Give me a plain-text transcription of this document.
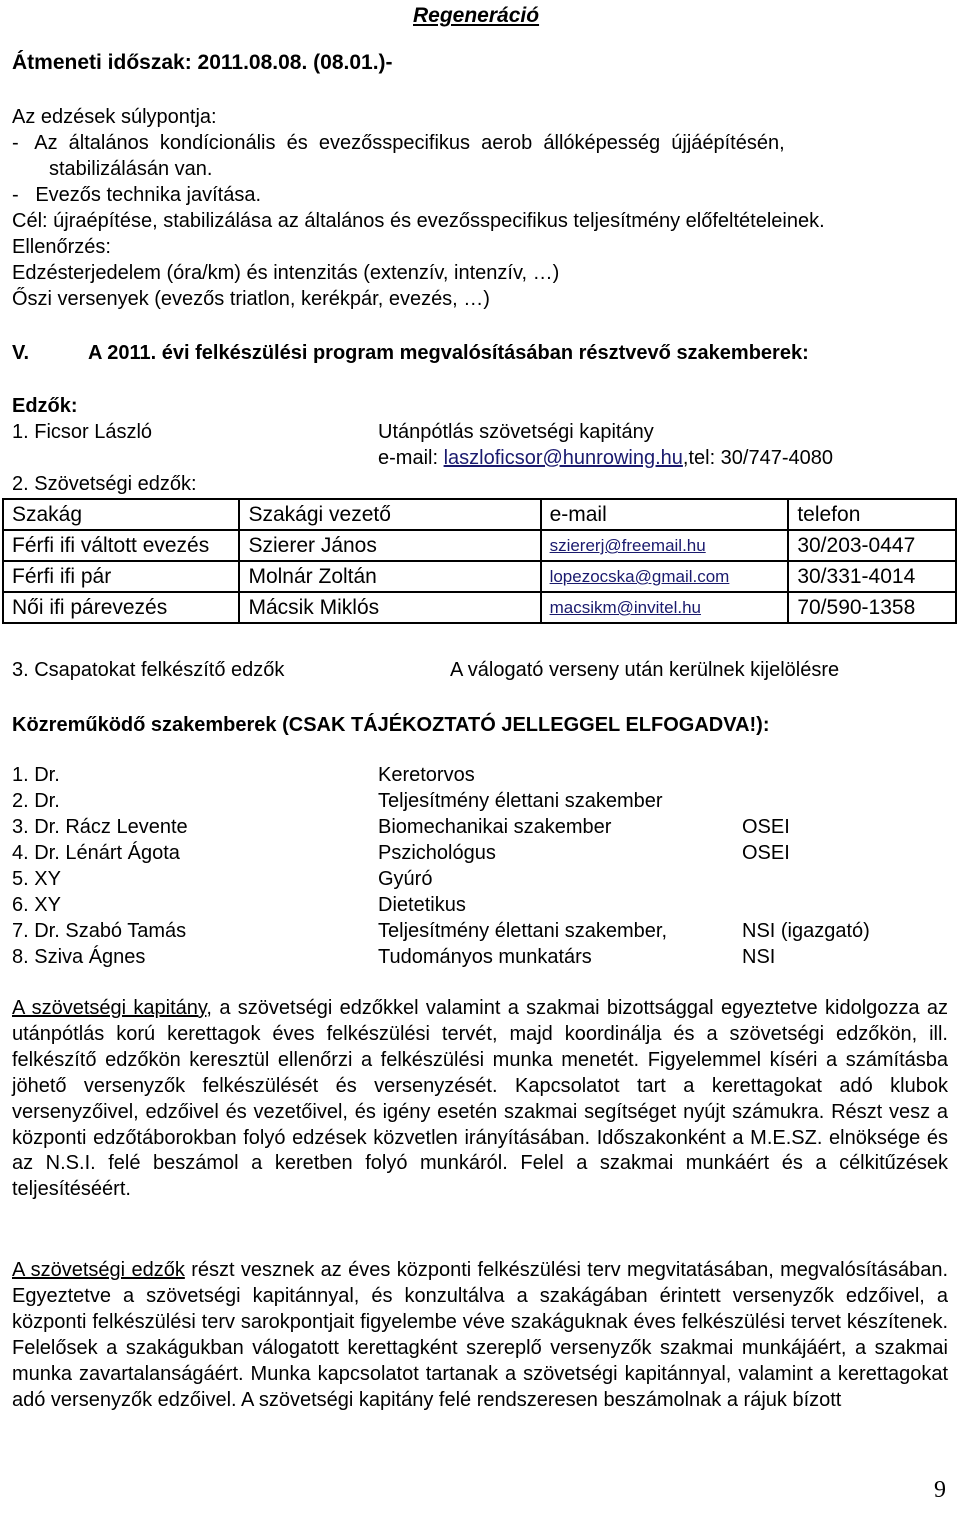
Regeneráció
Átmeneti időszak: 2011.08.08. (08.01.)-
Az edzések súlypontja:
-   Az  általános  kondícionális  és  evezősspecifikus  aerob  állóképesség  újjáépítésén,
stabilizálásán van.
-   Evezős technika javítása.
Cél: újraépítése, stabilizálása az általános és evezősspecifikus teljesítmény előfeltételeinek.
Ellenőrzés:
Edzésterjedelem (óra/km) és intenzitás (extenzív, intenzív, …)
Őszi versenyek (evezős triatlon, kerékpár, evezés, …)
V.	A 2011. évi felkészülési program megvalósításában résztvevő szakemberek:
Edzők:
1. Ficsor László	Utánpótlás szövetségi kapitány
e-mail: laszloficsor@hunrowing.hu,tel: 30/747-4080
2. Szövetségi edzők:
Szakág	Szakági vezető	e-mail	telefon
Férfi ifi váltott evezés	Szierer János	sziererj@freemail.hu	30/203-0447
Férfi ifi pár	Molnár Zoltán	lopezocska@gmail.com	30/331-4014
Női ifi párevezés	Mácsik Miklós	macsikm@invitel.hu	70/590-1358
3. Csapatokat felkészítő edzők	A válogató verseny után kerülnek kijelölésre
Közreműködő szakemberek (CSAK TÁJÉKOZTATÓ JELLEGGEL ELFOGADVA!):
1. Dr.	Keretorvos
2. Dr.	Teljesítmény élettani szakember
3. Dr. Rácz Levente	Biomechanikai szakember	OSEI
4. Dr. Lénárt Ágota	Pszichológus	OSEI
5. XY	Gyúró
6. XY	Dietetikus
7. Dr. Szabó Tamás	Teljesítmény élettani szakember,	NSI (igazgató)
8. Sziva Ágnes	Tudományos munkatárs	NSI
A szövetségi kapitány, a szövetségi edzőkkel valamint a szakmai bizottsággal egyeztetve kidolgozza az utánpótlás korú kerettagok éves felkészülési tervét, majd koordinálja és a szövetségi edzőkön, ill. felkészítő edzőkön keresztül ellenőrzi a felkészülési munka menetét. Figyelemmel kíséri a számításba jöhető versenyzők felkészülését és versenyzését. Kapcsolatot tart a kerettagokat adó klubok versenyzőivel, edzőivel és vezetőivel, és igény esetén szakmai segítséget nyújt számukra. Részt vesz a központi edzőtáborokban folyó edzések közvetlen irányításában. Időszakonként a M.E.SZ. elnöksége és az N.S.I. felé beszámol a keretben folyó munkáról. Felel a szakmai munkáért és a célkitűzések teljesítéséért.
A szövetségi edzők részt vesznek az éves központi felkészülési terv megvitatásában, megvalósításában. Egyeztetve a szövetségi kapitánnyal, és konzultálva a szakágában érintett versenyzők edzőivel, a központi felkészülési terv sarokpontjait figyelembe véve szakáguknak éves felkészülési tervet készítenek. Felelősek a szakágukban válogatott kerettagként szereplő versenyzők szakmai munkájáért, a szakmai munka zavartalanságáért. Munka kapcsolatot tartanak a szövetségi kapitánnyal, valamint a kerettagokat adó versenyzők edzőivel. A szövetségi kapitány felé rendszeresen beszámolnak a rájuk bízott
9
